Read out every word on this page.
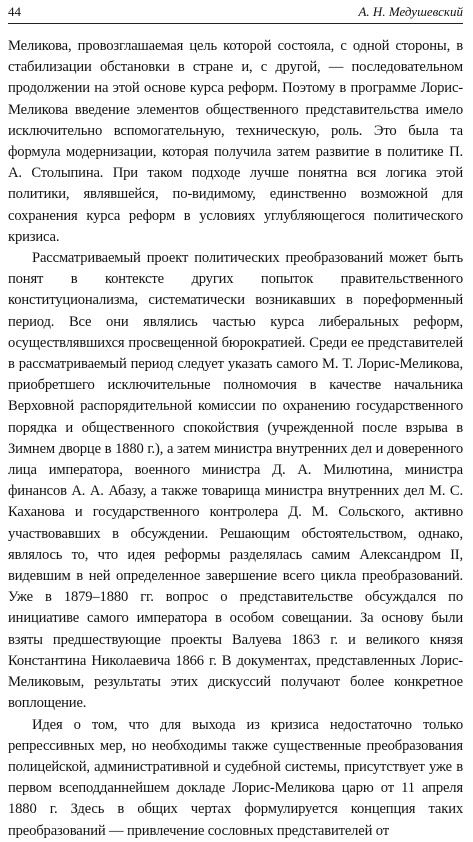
44	А. Н. Медушевский

Меликова, провозглашаемая цель которой состояла, с одной стороны, в стабилизации обстановки в стране и, с другой, — последовательном продолжении на этой основе курса реформ. Поэтому в программе Лорис-Меликова введение элементов общественного представительства имело исключительно вспомогательную, техническую, роль. Это была та формула модернизации, которая получила затем развитие в политике П. А. Столыпина. При таком подходе лучше понятна вся логика этой политики, являвшейся, по-видимому, единственно возможной для сохранения курса реформ в условиях углубляющегося политического кризиса.

Рассматриваемый проект политических преобразований может быть понят в контексте других попыток правительственного конституционализма, систематически возникавших в пореформенный период. Все они являлись частью курса либеральных реформ, осуществлявшихся просвещенной бюрократией. Среди ее представителей в рассматриваемый период следует указать самого М. Т. Лорис-Меликова, приобретшего исключительные полномочия в качестве начальника Верховной распорядительной комиссии по охранению государственного порядка и общественного спокойствия (учрежденной после взрыва в Зимнем дворце в 1880 г.), а затем министра внутренних дел и доверенного лица императора, военного министра Д. А. Милютина, министра финансов А. А. Абазу, а также товарища министра внутренних дел М. С. Каханова и государственного контролера Д. М. Сольского, активно участвовавших в обсуждении. Решающим обстоятельством, однако, являлось то, что идея реформы разделялась самим Александром II, видевшим в ней определенное завершение всего цикла преобразований. Уже в 1879–1880 гг. вопрос о представительстве обсуждался по инициативе самого императора в особом совещании. За основу были взяты предшествующие проекты Валуева 1863 г. и великого князя Константина Николаевича 1866 г. В документах, представленных Лорис-Меликовым, результаты этих дискуссий получают более конкретное воплощение.

Идея о том, что для выхода из кризиса недостаточно только репрессивных мер, но необходимы также существенные преобразования полицейской, административной и судебной системы, присутствует уже в первом всеподданнейшем докладе Лорис-Меликова царю от 11 апреля 1880 г. Здесь в общих чертах формулируется концепция таких преобразований — привлечение сословных представителей от
